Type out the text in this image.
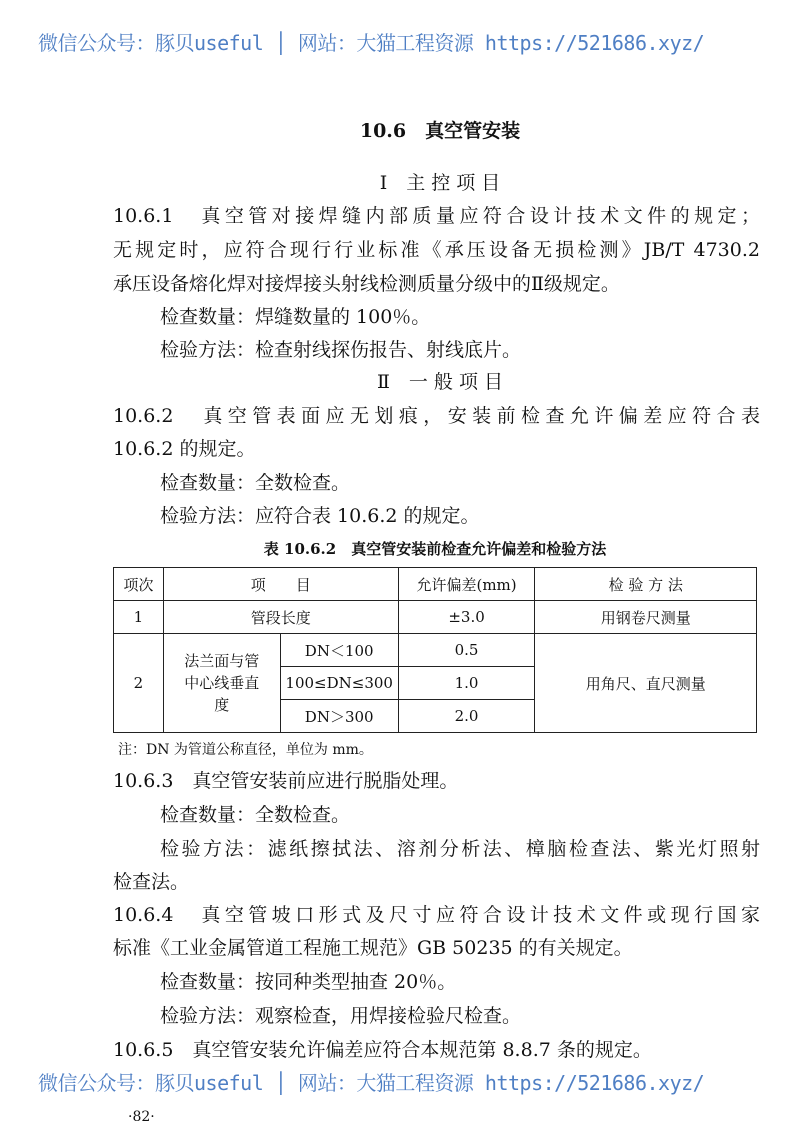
微信公众号：豚贝useful │ 网站：大猫工程资源 https://521686.xyz/
10.6　真空管安装
Ⅰ　主 控 项 目
10.6.1　真空管对接焊缝内部质量应符合设计技术文件的规定；
无规定时，应符合现行行业标准《承压设备无损检测》JB/T 4730.2
承压设备熔化焊对接焊接头射线检测质量分级中的Ⅱ级规定。
检查数量：焊缝数量的 100％。
检验方法：检查射线探伤报告、射线底片。
Ⅱ　一 般 项 目
10.6.2　真空管表面应无划痕，安装前检查允许偏差应符合表
10.6.2 的规定。
检查数量：全数检查。
检验方法：应符合表 10.6.2 的规定。
表 10.6.2　真空管安装前检查允许偏差和检验方法
项次	项　　目		允许偏差(mm)	检 验 方 法
1	管段长度		±3.0	用钢卷尺测量
2	法兰面与管中心线垂直度	DN＜100	0.5	用角尺、直尺测量
		100≤DN≤300	1.0	
		DN＞300	2.0	
注：DN 为管道公称直径，单位为 mm。
10.6.3　真空管安装前应进行脱脂处理。
检查数量：全数检查。
检验方法：滤纸擦拭法、溶剂分析法、樟脑检查法、紫光灯照射
检查法。
10.6.4　真空管坡口形式及尺寸应符合设计技术文件或现行国家
标准《工业金属管道工程施工规范》GB 50235 的有关规定。
检查数量：按同种类型抽查 20％。
检验方法：观察检查，用焊接检验尺检查。
10.6.5　真空管安装允许偏差应符合本规范第 8.8.7 条的规定。
微信公众号：豚贝useful │ 网站：大猫工程资源 https://521686.xyz/
·82·
